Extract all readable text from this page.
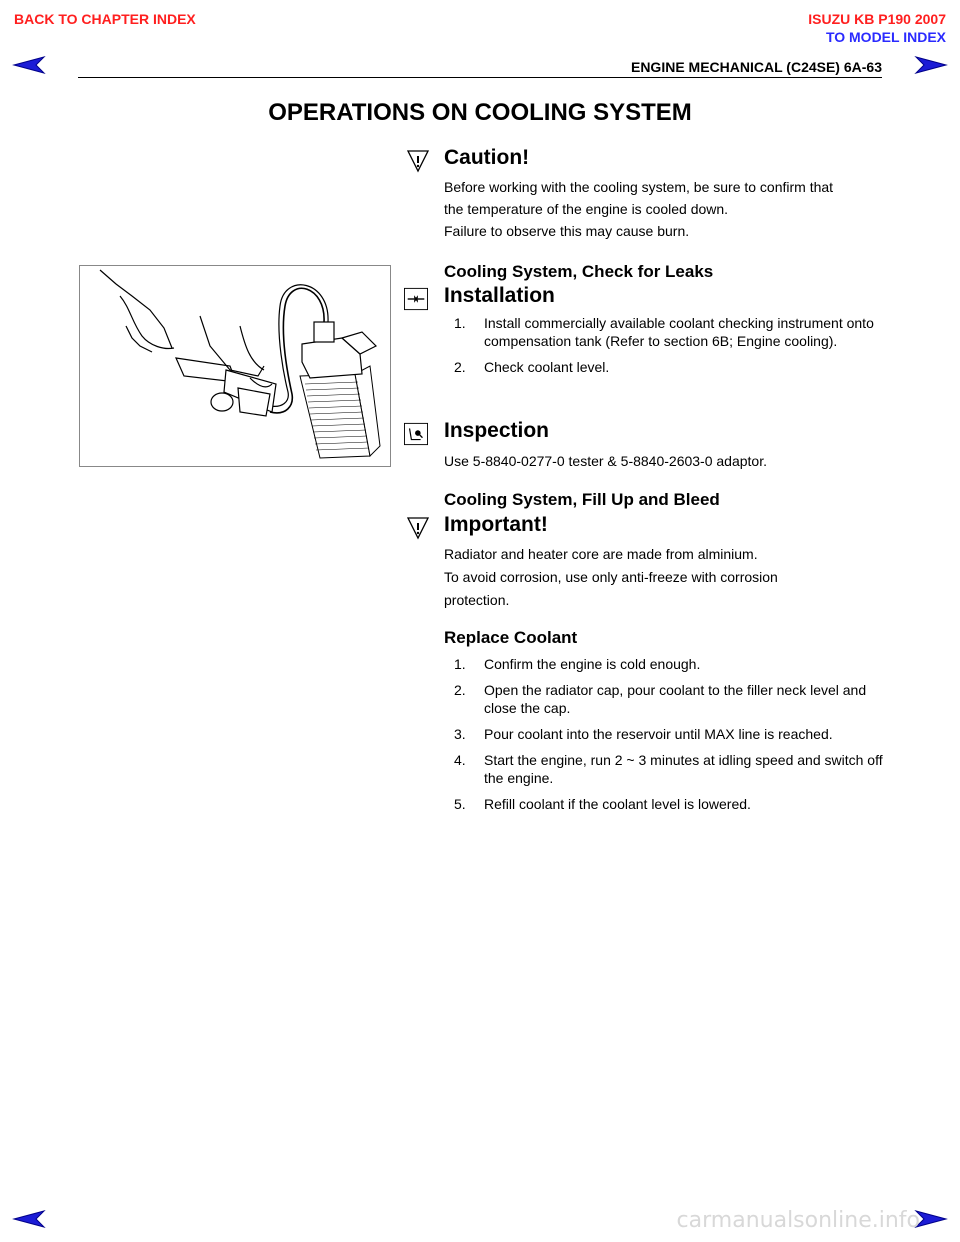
BACK TO CHAPTER INDEX	ISUZU KB P190 2007
TO MODEL INDEX
ENGINE MECHANICAL (C24SE) 6A-63
OPERATIONS ON COOLING SYSTEM
Caution!
Before working with the cooling system, be sure to confirm that
the temperature of the engine is cooled down.
Failure to observe this may cause burn.
Cooling System, Check for Leaks
Installation
1. Install commercially available coolant checking instrument onto compensation tank (Refer to section 6B; Engine cooling).
2. Check coolant level.
Inspection
Use 5-8840-0277-0 tester & 5-8840-2603-0 adaptor.
Cooling System, Fill Up and Bleed
Important!
Radiator and heater core are made from alminium.
To avoid corrosion, use only anti-freeze with corrosion
protection.
Replace Coolant
1. Confirm the engine is cold enough.
2. Open the radiator cap, pour coolant to the filler neck level and close the cap.
3. Pour coolant into the reservoir until MAX line is reached.
4. Start the engine, run 2 ~ 3 minutes at idling speed and switch off the engine.
5. Refill coolant if the coolant level is lowered.
carmanualsonline.info
